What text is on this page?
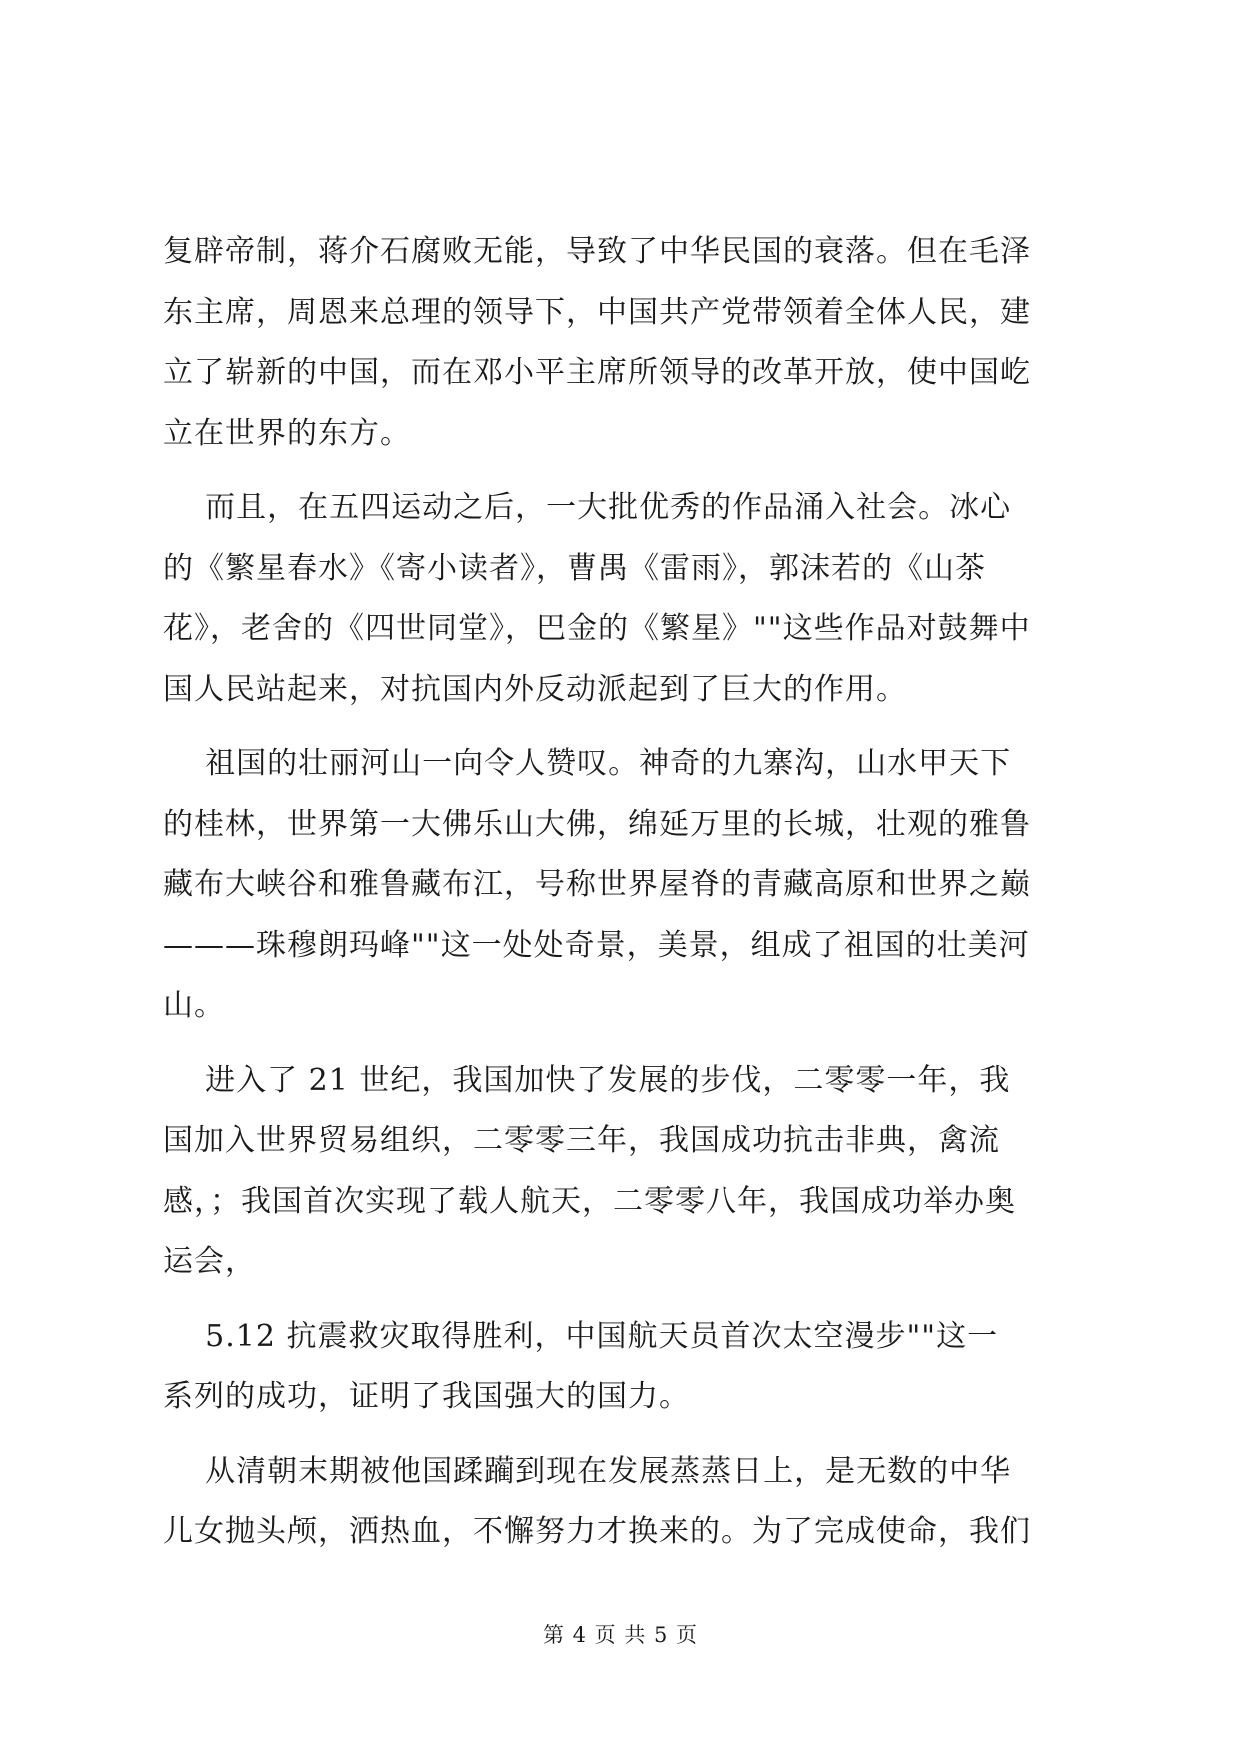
复辟帝制，蒋介石腐败无能，导致了中华民国的衰落。但在毛泽
东主席，周恩来总理的领导下，中国共产党带领着全体人民，建
立了崭新的中国，而在邓小平主席所领导的改革开放，使中国屹
立在世界的东方。
而且，在五四运动之后，一大批优秀的作品涌入社会。冰心
的《繁星春水》《寄小读者》，曹禺《雷雨》，郭沫若的《山茶
花》，老舍的《四世同堂》，巴金的《繁星》""这些作品对鼓舞中
国人民站起来，对抗国内外反动派起到了巨大的作用。
祖国的壮丽河山一向令人赞叹。神奇的九寨沟，山水甲天下
的桂林，世界第一大佛乐山大佛，绵延万里的长城，壮观的雅鲁
藏布大峡谷和雅鲁藏布江，号称世界屋脊的青藏高原和世界之巅
———珠穆朗玛峰""这一处处奇景，美景，组成了祖国的壮美河
山。
进入了 21 世纪，我国加快了发展的步伐，二零零一年，我
国加入世界贸易组织，二零零三年，我国成功抗击非典，禽流
感，；我国首次实现了载人航天，二零零八年，我国成功举办奥
运会，
5.12 抗震救灾取得胜利，中国航天员首次太空漫步""这一
系列的成功，证明了我国强大的国力。
从清朝末期被他国蹂躏到现在发展蒸蒸日上，是无数的中华
儿女抛头颅，洒热血，不懈努力才换来的。为了完成使命，我们
第 4 页 共 5 页
